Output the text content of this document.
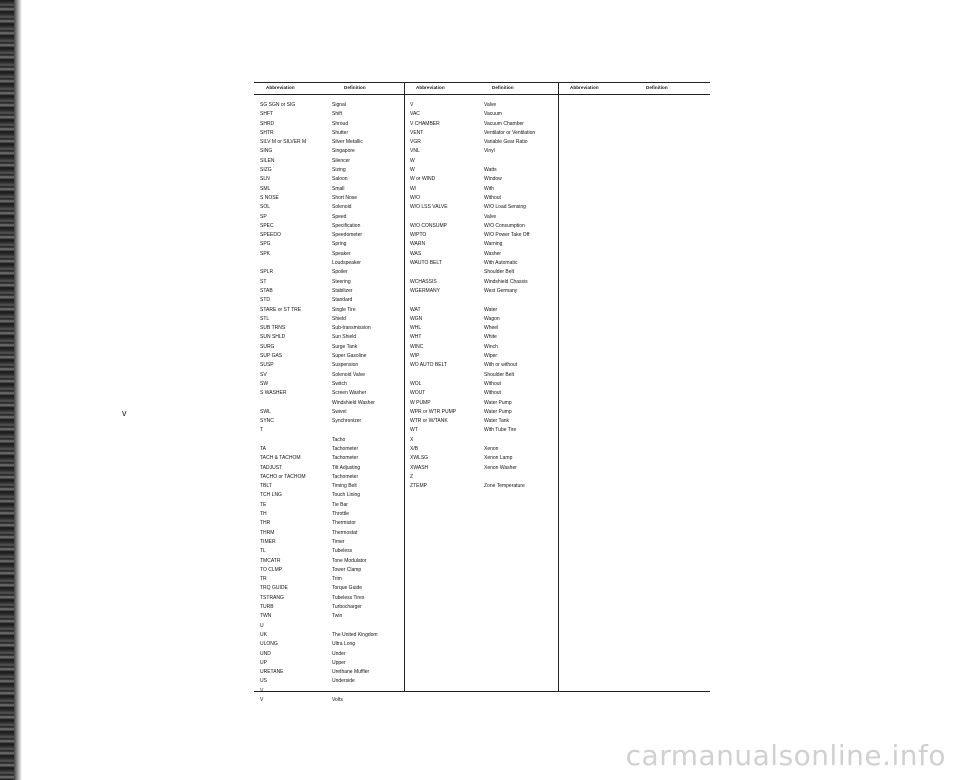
v
Abbreviation	Definition
SG SGN or SIG	Signal
SHFT	Shift
SHRD	Shroud
SHTR	Shutter
SILV M or SILVER M	Silver Metallic
SING	Singapore
SILEN	Silencer
SIZG	Sizing
SLN	Saloon
SML	Small
S NOSE	Short Nose
SOL	Solenoid
SP	Speed
SPEC	Specification
SPEEDO	Speedometer
SPG	Spring
SPK	Speaker
Loudspeaker
SPLR	Spoiler
ST	Steering
STAB	Stabilizer
STD	Standard
STARE or ST TRE	Single Tire
STL	Shield
SUB TRNS	Sub-transmission
SUN SHLD	Sun Shield
SURG	Surge Tank
SUP GAS	Super Gasoline
SUSP	Suspension
SV	Solenoid Valve
SW	Switch
S WASHER	Screen Washer
Windshield Washer
SWL	Swivel
SYNC	Synchronizer
T
Tacho
TA	Tachometer
TACH & TACHOM	Tachometer
TADJUST	Tilt Adjusting
TACHO or TACHOM	Tachometer
TBLT	Timing Belt
TCH LNG	Touch Lining
TE	Tie Bar
TH	Throttle
THR	Thermistor
THRM	Thermostat
TIMER	Timer
TL	Tubeless
TMCATR	Tone Modulator
TO CLMP	Tower Clamp
TR	Trim
TRQ GUIDE	Torque Guide
TSTRANG	Tubeless Tires
TURB	Turbocharger
TWN	Twin
U
UK	The United Kingdom
ULONG	Ultra Long
UND	Under
UP	Upper
URETANE	Urethane Muffler
US	Underside
V
V	Volts
Abbreviation	Definition
V	Valve
VAC	Vacuum
V CHAMBER	Vacuum Chamber
VENT	Ventilator or Ventilation
VGR	Variable Gear Ratio
VNL	Vinyl
W
W	Watts
W or WIND	Window
W/	With
W/O	Without
W/O LSS VALVE	W/O Load Sensing
Valve
W/O CONSUMP	W/O Consumption
W/PTO	W/O Power Take Off
WARN	Warning
WAS	Washer
WAUTO BELT	With Automatic
Shoulder Belt
WCHASSIS	Windshield Chassis
WGERMANY	West Germany
WAT	Water
WGN	Wagon
WHL	Wheel
WHT	White
WINC	Winch
WIP	Wiper
WO AUTO BELT	With or without
Shoulder Belt
WOL	Without
WOUT	Without
W PUMP	Water Pump
WPR or WTR PUMP	Water Pump
WTR or W/TANK	Water Tank
WT	With Tube Tire
X
X/B	Xenon
XWLSG	Xenon Lamp
XWASH	Xenon Washer
Z
ZTEMP	Zone Temperature
Abbreviation	Definition
carmanualsonline.info
